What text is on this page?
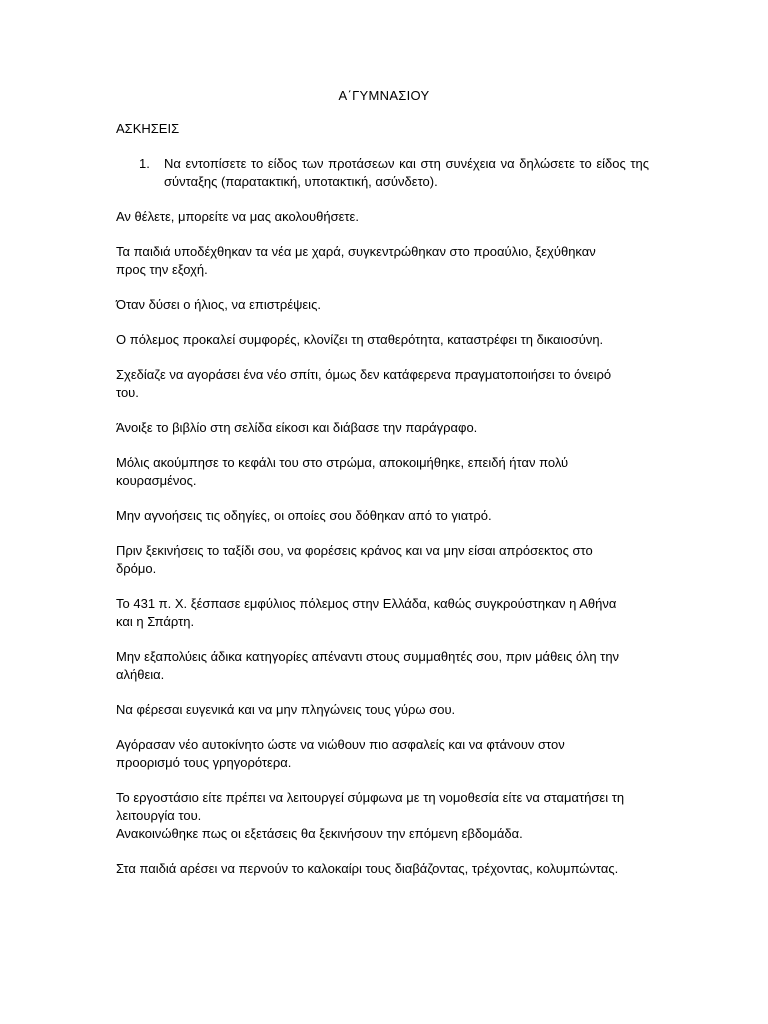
Α΄ΓΥΜΝΑΣΙΟΥ
ΑΣΚΗΣΕΙΣ
1. Να εντοπίσετε το είδος των προτάσεων και στη συνέχεια να δηλώσετε το είδος της σύνταξης (παρατακτική, υποτακτική, ασύνδετο).

Αν θέλετε, μπορείτε να μας ακολουθήσετε.

Τα παιδιά υποδέχθηκαν τα νέα με χαρά, συγκεντρώθηκαν στο προαύλιο, ξεχύθηκαν προς την εξοχή.

Όταν δύσει ο ήλιος, να επιστρέψεις.

Ο πόλεμος προκαλεί συμφορές, κλονίζει τη σταθερότητα, καταστρέφει τη δικαιοσύνη.

Σχεδίαζε να αγοράσει ένα νέο σπίτι, όμως δεν κατάφερενα πραγματοποιήσει το όνειρό του.

Άνοιξε το βιβλίο στη σελίδα είκοσι και διάβασε την παράγραφο.

Μόλις ακούμπησε το κεφάλι του στο στρώμα, αποκοιμήθηκε, επειδή ήταν πολύ κουρασμένος.

Μην αγνοήσεις τις οδηγίες, οι οποίες σου δόθηκαν από το γιατρό.

Πριν ξεκινήσεις το ταξίδι σου, να φορέσεις κράνος και να μην είσαι απρόσεκτος στο δρόμο.

Το 431 π. Χ. ξέσπασε εμφύλιος πόλεμος στην Ελλάδα, καθώς συγκρούστηκαν η Αθήνα και η Σπάρτη.

Μην εξαπολύεις άδικα κατηγορίες απέναντι στους συμμαθητές σου, πριν μάθεις όλη την αλήθεια.

Να φέρεσαι ευγενικά και να μην πληγώνεις τους γύρω σου.

Αγόρασαν νέο αυτοκίνητο ώστε να νιώθουν πιο ασφαλείς και να φτάνουν στον προορισμό τους γρηγορότερα.

Το εργοστάσιο είτε πρέπει να λειτουργεί σύμφωνα με τη νομοθεσία είτε να σταματήσει τη λειτουργία του.

Ανακοινώθηκε πως οι εξετάσεις θα ξεκινήσουν την επόμενη εβδομάδα.

Στα παιδιά αρέσει να περνούν το καλοκαίρι τους διαβάζοντας, τρέχοντας, κολυμπώντας.
